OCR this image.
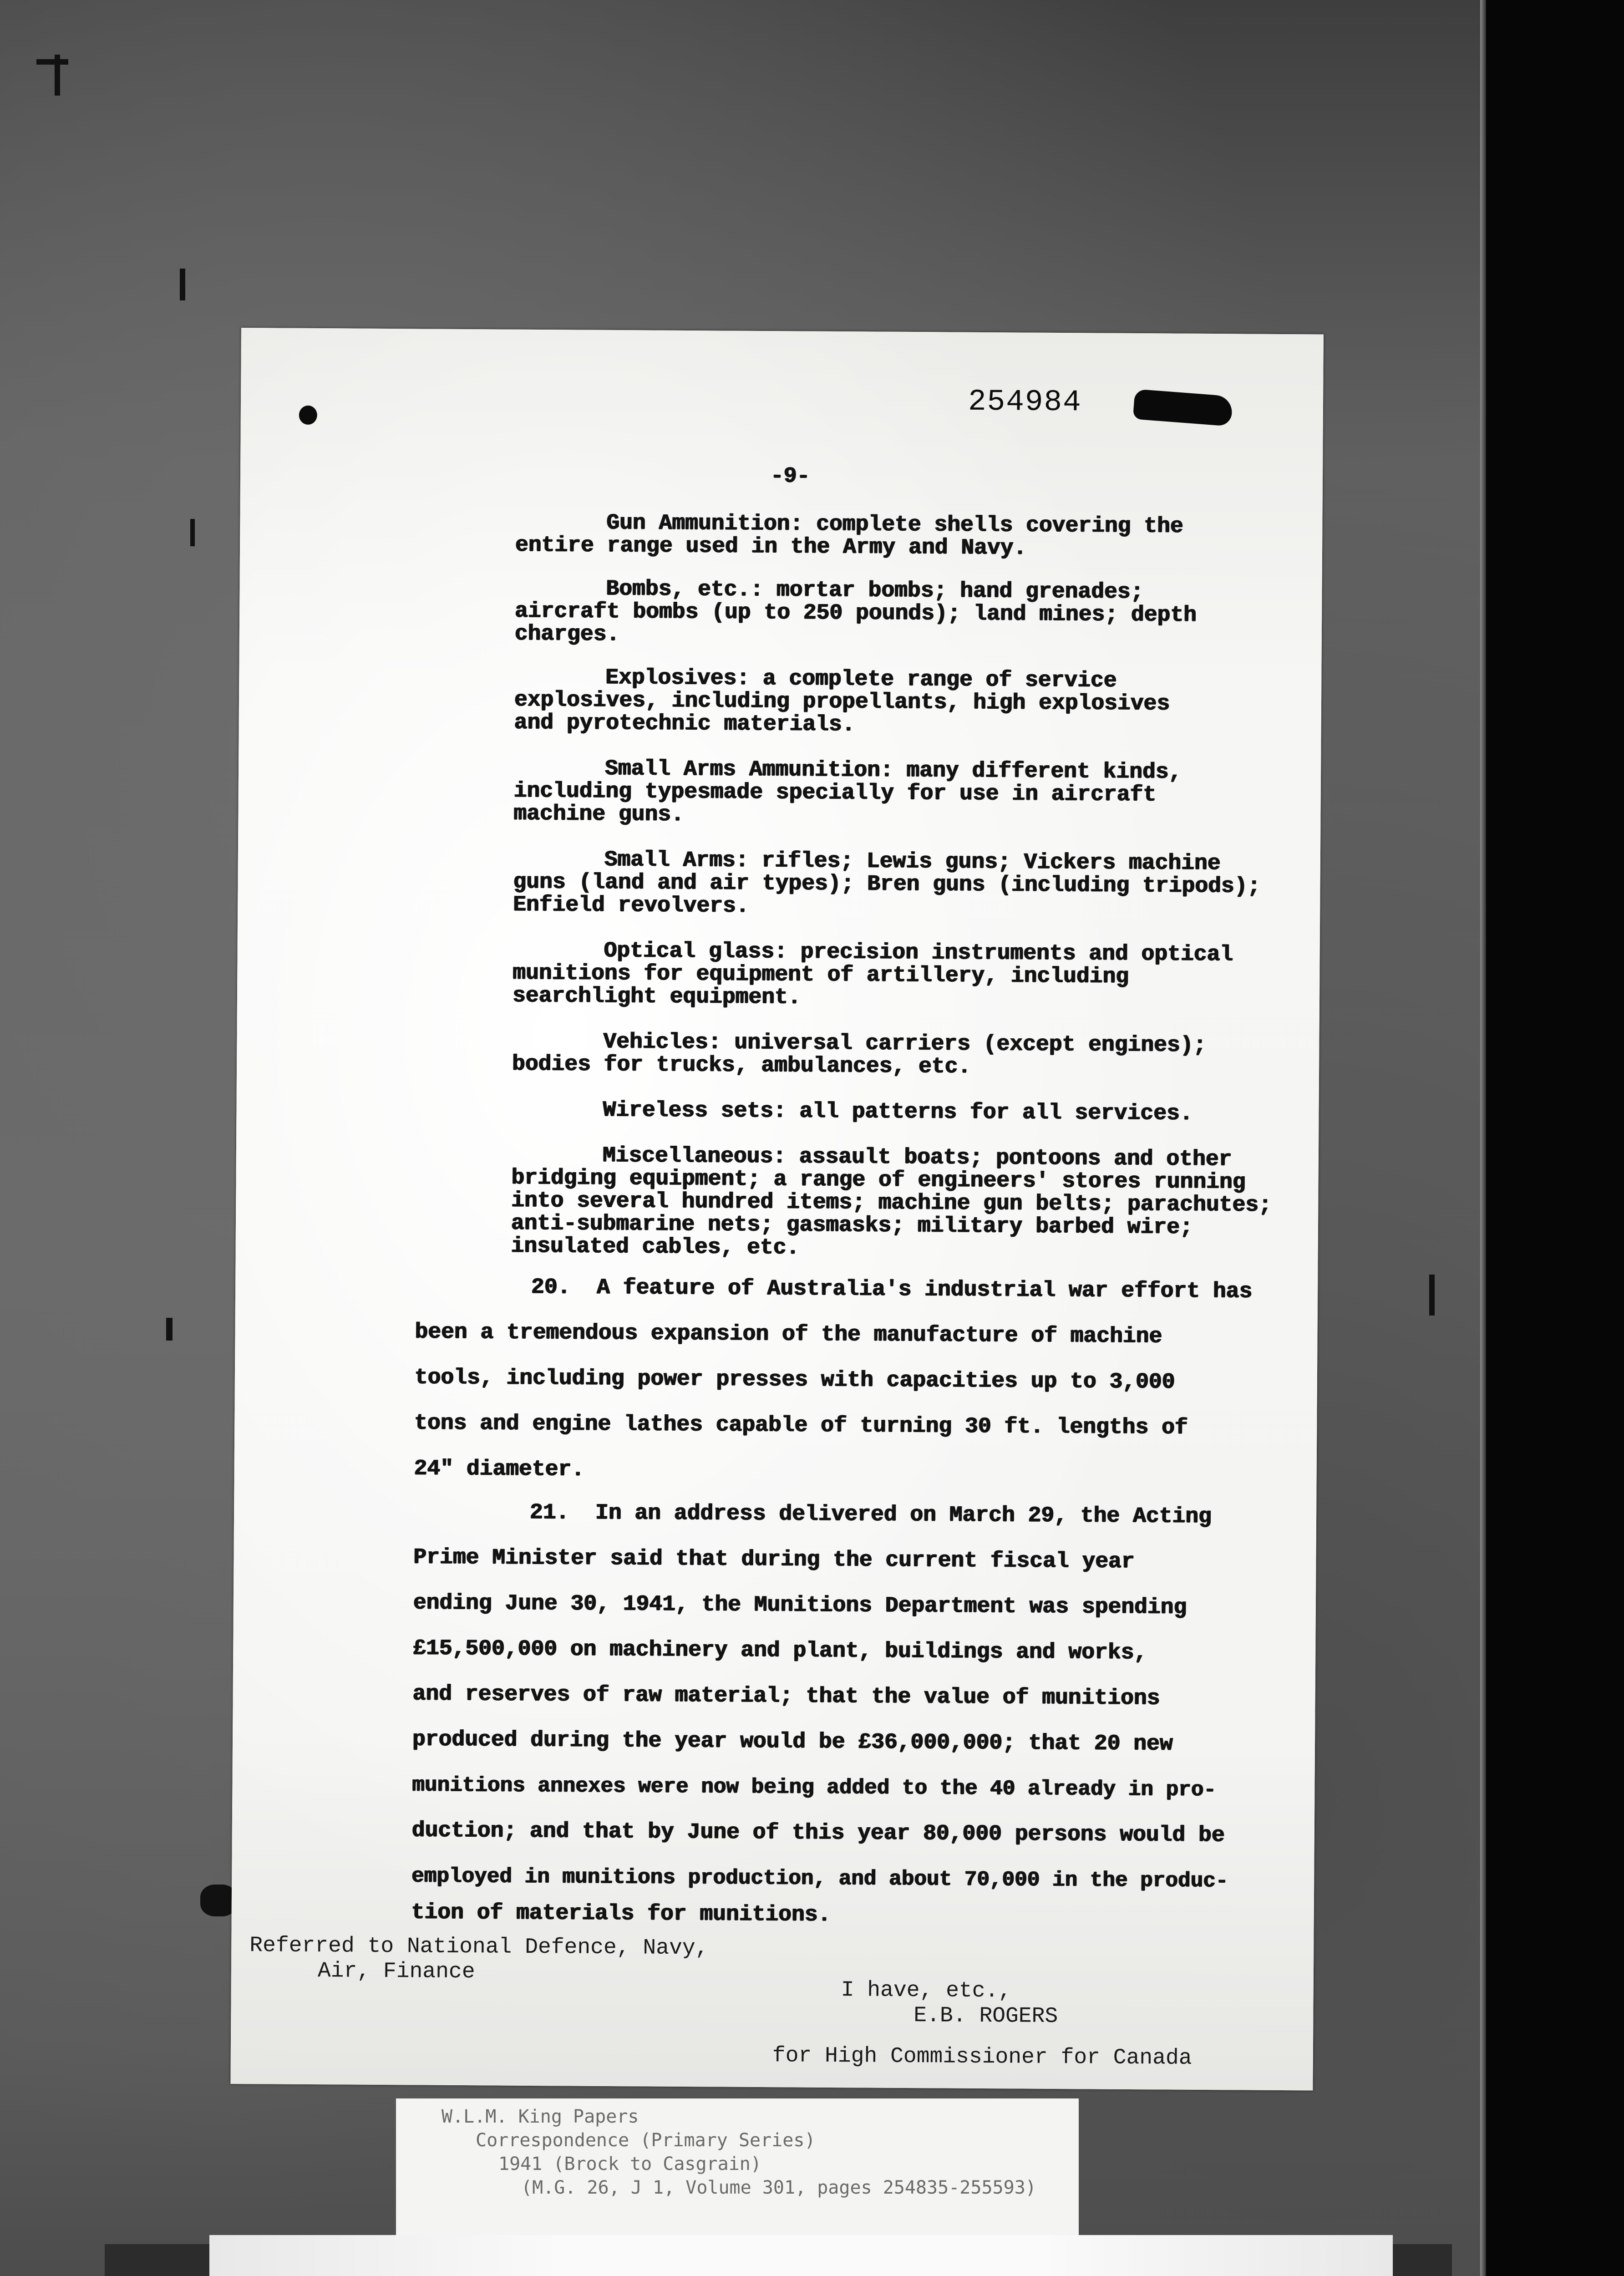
254984
-9-
Gun Ammunition: complete shells covering the
entire range used in the Army and Navy.
Bombs, etc.: mortar bombs; hand grenades;
aircraft bombs (up to 250 pounds); land mines; depth
charges.
Explosives: a complete range of service
explosives, including propellants, high explosives
and pyrotechnic materials.
Small Arms Ammunition: many different kinds,
including typesmade specially for use in aircraft
machine guns.
Small Arms: rifles; Lewis guns; Vickers machine
guns (land and air types); Bren guns (including tripods);
Enfield revolvers.
Optical glass: precision instruments and optical
munitions for equipment of artillery, including
searchlight equipment.
Vehicles: universal carriers (except engines);
bodies for trucks, ambulances, etc.
Wireless sets: all patterns for all services.
Miscellaneous: assault boats; pontoons and other
bridging equipment; a range of engineers' stores running
into several hundred items; machine gun belts; parachutes;
anti-submarine nets; gasmasks; military barbed wire;
insulated cables, etc.
20.  A feature of Australia's industrial war effort has
been a tremendous expansion of the manufacture of machine
tools, including power presses with capacities up to 3,000
tons and engine lathes capable of turning 30 ft. lengths of
24" diameter.
21.  In an address delivered on March 29, the Acting
Prime Minister said that during the current fiscal year
ending June 30, 1941, the Munitions Department was spending
£15,500,000 on machinery and plant, buildings and works,
and reserves of raw material; that the value of munitions
produced during the year would be £36,000,000; that 20 new
munitions annexes were now being added to the 40 already in pro-
duction; and that by June of this year 80,000 persons would be
employed in munitions production, and about 70,000 in the produc-
tion of materials for munitions.
Referred to National Defence, Navy,
Air, Finance
I have, etc.,
E.B. ROGERS
for High Commissioner for Canada
W.L.M. King Papers
Correspondence (Primary Series)
1941 (Brock to Casgrain)
(M.G. 26, J 1, Volume 301, pages 254835-255593)
